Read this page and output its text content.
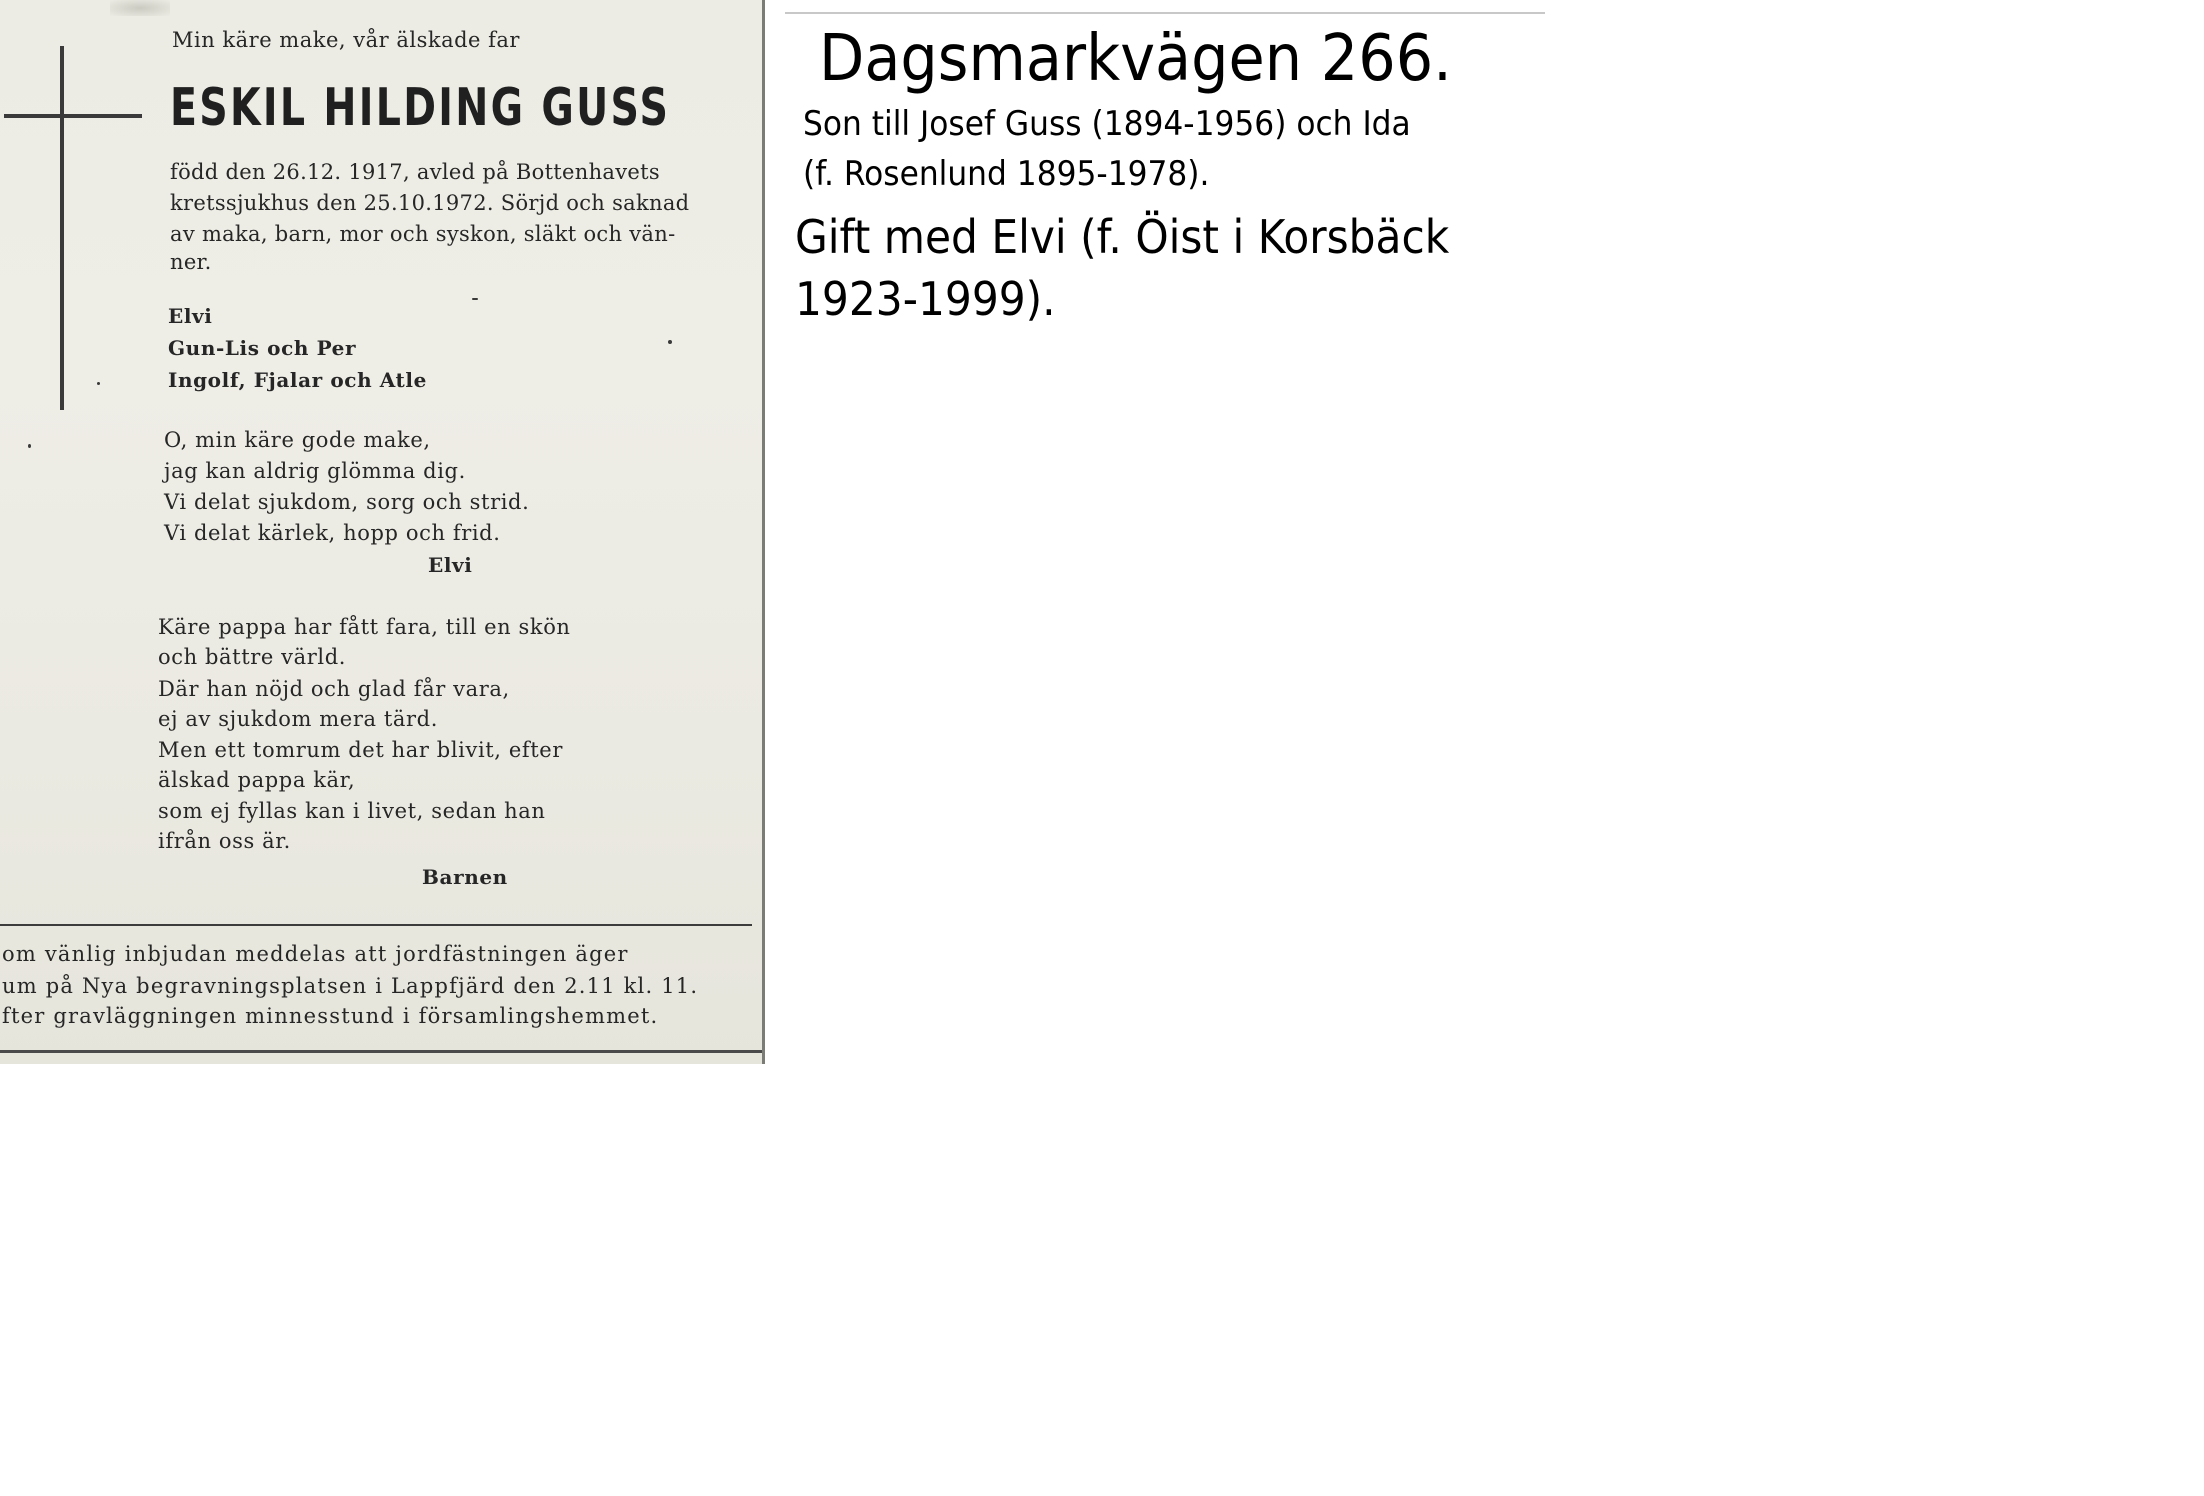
Min käre make, vår älskade far

ESKIL HILDING GUSS

född den 26.12. 1917, avled på Bottenhavets

kretssjukhus den 25.10.1972. Sörjd och saknad

av maka, barn, mor och syskon, släkt och vän-

ner.

Elvi

Gun-Lis och Per

Ingolf, Fjalar och Atle

O, min käre gode make,

jag kan aldrig glömma dig.

Vi delat sjukdom, sorg och strid.

Vi delat kärlek, hopp och frid.

Elvi

Käre pappa har fått fara, till en skön

och bättre värld.

Där han nöjd och glad får vara,

ej av sjukdom mera tärd.

Men ett tomrum det har blivit, efter

älskad pappa kär,

som ej fyllas kan i livet, sedan han

ifrån oss är.

Barnen

om vänlig inbjudan meddelas att jordfästningen äger

um på Nya begravningsplatsen i Lappfjärd den 2.11 kl. 11.

fter gravläggningen minnesstund i församlingshemmet.

Dagsmarkvägen 266.

Son till Josef Guss (1894-1956) och Ida

(f. Rosenlund 1895-1978).

Gift med Elvi (f. Öist i Korsbäck

1923-1999).
